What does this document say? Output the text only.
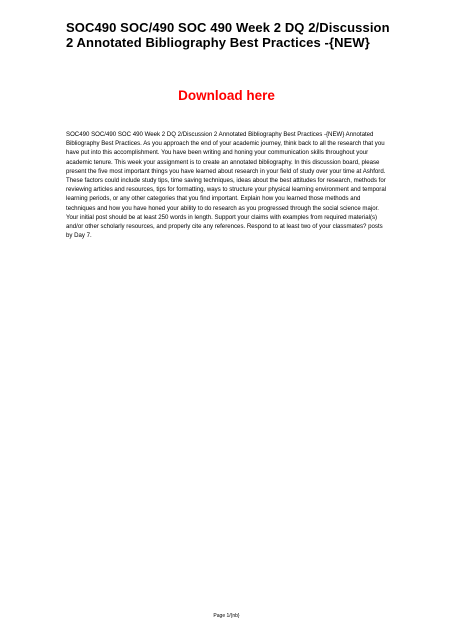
SOC490 SOC/490 SOC 490 Week 2 DQ 2/Discussion 2 Annotated Bibliography Best Practices -{NEW}
Download here

SOC490 SOC/490 SOC 490 Week 2 DQ 2/Discussion 2 Annotated Bibliography Best Practices -{NEW} Annotated Bibliography Best Practices. As you approach the end of your academic journey, think back to all the research that you have put into this accomplishment. You have been writing and honing your communication skills throughout your academic tenure. This week your assignment is to create an annotated bibliography. In this discussion board, please present the five most important things you have learned about research in your field of study over your time at Ashford. These factors could include study tips, time saving techniques, ideas about the best attitudes for research, methods for reviewing articles and resources, tips for formatting, ways to structure your physical learning environment and temporal learning periods, or any other categories that you find important. Explain how you learned those methods and techniques and how you have honed your ability to do research as you progressed through the social science major. Your initial post should be at least 250 words in length. Support your claims with examples from required material(s) and/or other scholarly resources, and properly cite any references. Respond to at least two of your classmates? posts by Day 7.

Page 1/{nb}
